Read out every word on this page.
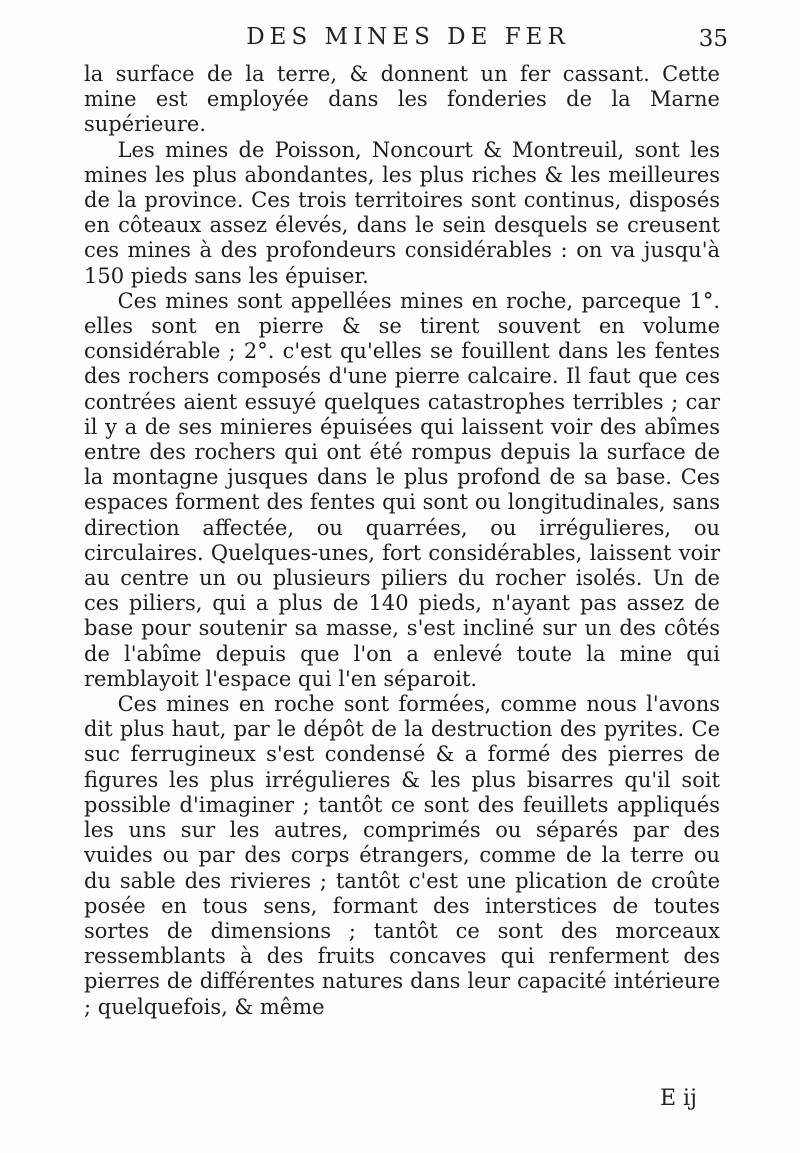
DES MINES DE FER	35

la surface de la terre, & donnent un fer cassant. Cette mine est employée dans les fonderies de la Marne supérieure.

Les mines de Poisson, Noncourt & Montreuil, sont les mines les plus abondantes, les plus riches & les meilleures de la province. Ces trois territoires sont continus, disposés en côteaux assez élevés, dans le sein desquels se creusent ces mines à des profondeurs considérables : on va jusqu'à 150 pieds sans les épuiser.

Ces mines sont appellées mines en roche, parceque 1°. elles sont en pierre & se tirent souvent en volume considérable ; 2°. c'est qu'elles se fouillent dans les fentes des rochers composés d'une pierre calcaire. Il faut que ces contrées aient essuyé quelques catastrophes terribles ; car il y a de ses minieres épuisées qui laissent voir des abîmes entre des rochers qui ont été rompus depuis la surface de la montagne jusques dans le plus profond de sa base. Ces espaces forment des fentes qui sont ou longitudinales, sans direction affectée, ou quarrées, ou irrégulieres, ou circulaires. Quelques-unes, fort considérables, laissent voir au centre un ou plusieurs piliers du rocher isolés. Un de ces piliers, qui a plus de 140 pieds, n'ayant pas assez de base pour soutenir sa masse, s'est incliné sur un des côtés de l'abîme depuis que l'on a enlevé toute la mine qui remblayoit l'espace qui l'en séparoit.

Ces mines en roche sont formées, comme nous l'avons dit plus haut, par le dépôt de la destruction des pyrites. Ce suc ferrugineux s'est condensé & a formé des pierres de figures les plus irrégulieres & les plus bisarres qu'il soit possible d'imaginer ; tantôt ce sont des feuillets appliqués les uns sur les autres, comprimés ou séparés par des vuides ou par des corps étrangers, comme de la terre ou du sable des rivieres ; tantôt c'est une plication de croûte posée en tous sens, formant des interstices de toutes sortes de dimensions ; tantôt ce sont des morceaux ressemblants à des fruits concaves qui renferment des pierres de différentes natures dans leur capacité intérieure ; quelquefois, & même

E ij
